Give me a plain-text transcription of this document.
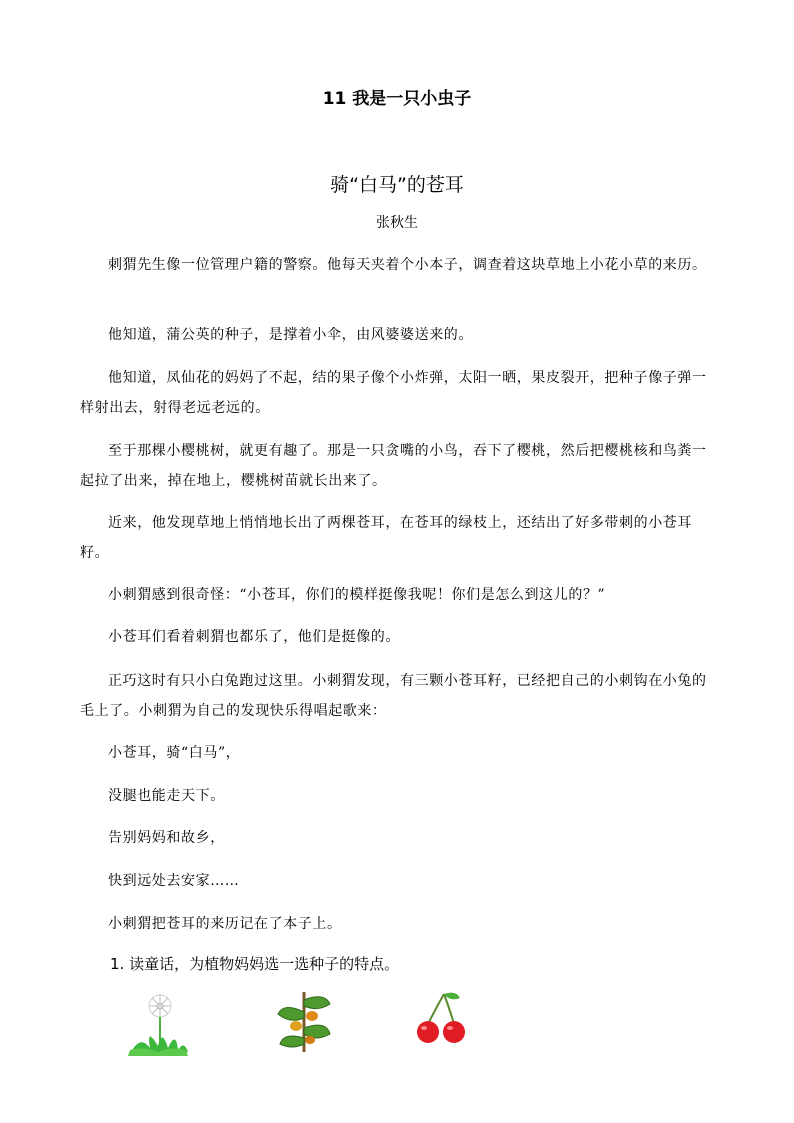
11 我是一只小虫子
骑“白马”的苍耳
张秋生

刺猬先生像一位管理户籍的警察。他每天夹着个小本子，调查着这块草地上小花小草的来历。

他知道，蒲公英的种子，是撑着小伞，由风婆婆送来的。

他知道，凤仙花的妈妈了不起，结的果子像个小炸弹，太阳一晒，果皮裂开，把种子像子弹一样射出去，射得老远老远的。

至于那棵小樱桃树，就更有趣了。那是一只贪嘴的小鸟，吞下了樱桃，然后把樱桃核和鸟粪一起拉了出来，掉在地上，樱桃树苗就长出来了。

近来，他发现草地上悄悄地长出了两棵苍耳，在苍耳的绿枝上，还结出了好多带刺的小苍耳籽。

小刺猬感到很奇怪：“小苍耳，你们的模样挺像我呢！你们是怎么到这儿的？”

小苍耳们看着刺猬也都乐了，他们是挺像的。

正巧这时有只小白兔跑过这里。小刺猬发现，有三颗小苍耳籽，已经把自己的小刺钩在小兔的毛上了。小刺猬为自己的发现快乐得唱起歌来：

小苍耳，骑“白马”，

没腿也能走天下。

告别妈妈和故乡，

快到远处去安家……

小刺猬把苍耳的来历记在了本子上。

1. 读童话，为植物妈妈选一选种子的特点。
